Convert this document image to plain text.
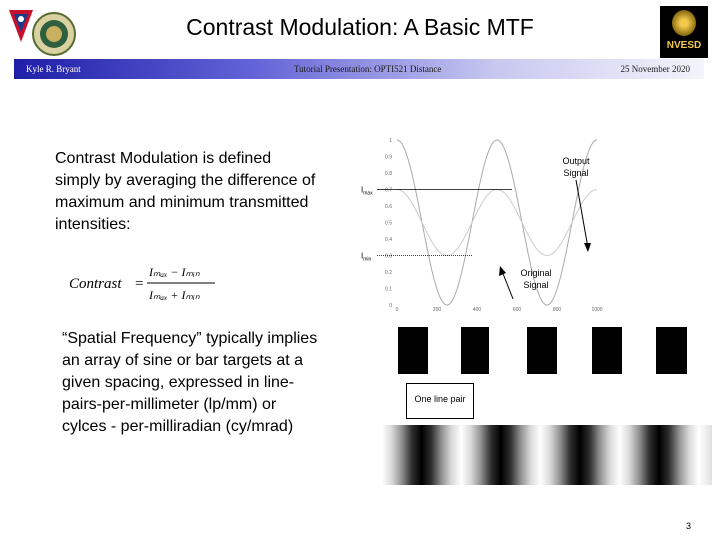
NVESD
Contrast Modulation: A Basic MTF
Kyle R. Bryant	Tutorial Presentation: OPTI521 Distance	25 November 2020
Contrast Modulation is defined simply by averaging the difference of maximum and minimum transmitted intensities:
Contrast =
Iₘₐₓ − Iₘᵢₙ
Iₘₐₓ + Iₘᵢₙ
“Spatial Frequency” typically implies an array of sine or bar targets at a given spacing, expressed in line-pairs-per-millimeter (lp/mm) or cylces - per-milliradian (cy/mrad)
0
0.1
0.2
0.3
0.4
0.5
0.6
0.7
0.8
0.9
1
0	200	400	600	800	1000
$I_{max}$
$I_{min}$
Output
Signal
Original
Signal
One line pair
3
